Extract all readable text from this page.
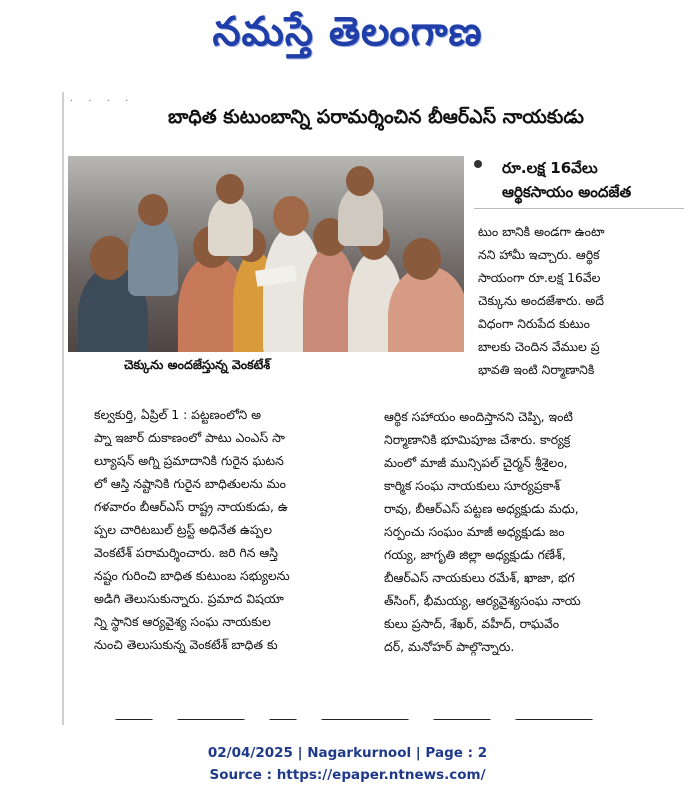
నమస్తే తెలంగాణ
· · · ·
బాధిత కుటుంబాన్ని పరామర్శించిన బీఆర్ఎస్ నాయకుడు
చెక్కును అందజేస్తున్న వెంకటేశ్
రూ.లక్ష 16వేలు
ఆర్థికసాయం అందజేత
టుం బానికి అండగా ఉంటా
నని హామీ ఇచ్చారు. ఆర్థిక
సాయంగా రూ.లక్ష 16వేల
చెక్కును అందజేశారు. అదే
విధంగా నిరుపేద కుటుం
బాలకు చెందిన వేముల ప్ర
భావతి ఇంటి నిర్మాణానికి
కల్వకుర్తి, ఏప్రిల్ 1 : పట్టణంలోని అ
ప్నా ఇజార్ దుకాణంలో పాటు ఎంఎస్ సా
ల్యూషన్ అగ్ని ప్రమాదానికి గురైన ఘటన
లో ఆస్తి నష్టానికి గురైన బాధితులను మం
గళవారం బీఆర్ఎస్ రాష్ట్ర నాయకుడు, ఉ
ప్పల చారిటబుల్ ట్రస్ట్ అధినేత ఉప్పల
వెంకటేశ్ పరామర్శించారు. జరి గిన ఆస్తి
నష్టం గురించి బాధిత కుటుంబ సభ్యులను
అడిగి తెలుసుకున్నారు. ప్రమాద విషయా
న్ని స్థానిక ఆర్యవైశ్య సంఘ నాయకుల
నుంచి తెలుసుకున్న వెంకటేశ్ బాధిత కు
ఆర్థిక సహాయం అందిస్తానని చెప్పి, ఇంటి
నిర్మాణానికి భూమిపూజ చేశారు. కార్యక్ర
మంలో మాజీ మున్సిపల్ చైర్మన్ శ్రీశైలం,
కార్మిక సంఘ నాయకులు సూర్యప్రకాశ్
రావు, బీఆర్ఎస్ పట్టణ అధ్యక్షుడు మధు,
సర్పంచు సంఘం మాజీ అధ్యక్షుడు జం
గయ్య, జాగృతి జిల్లా అధ్యక్షుడు గణేశ్,
బీఆర్ఎస్ నాయకులు రమేశ్, ఖాజా, భగ
త్‌సింగ్, భీమయ్య, ఆర్యవైశ్యసంఘ నాయ
కులు ప్రసాద్, శేఖర్, వహీద్, రాఘవేం
దర్, మనోహర్ పాల్గొన్నారు.
02/04/2025 | Nagarkurnool | Page : 2
Source : https://epaper.ntnews.com/
